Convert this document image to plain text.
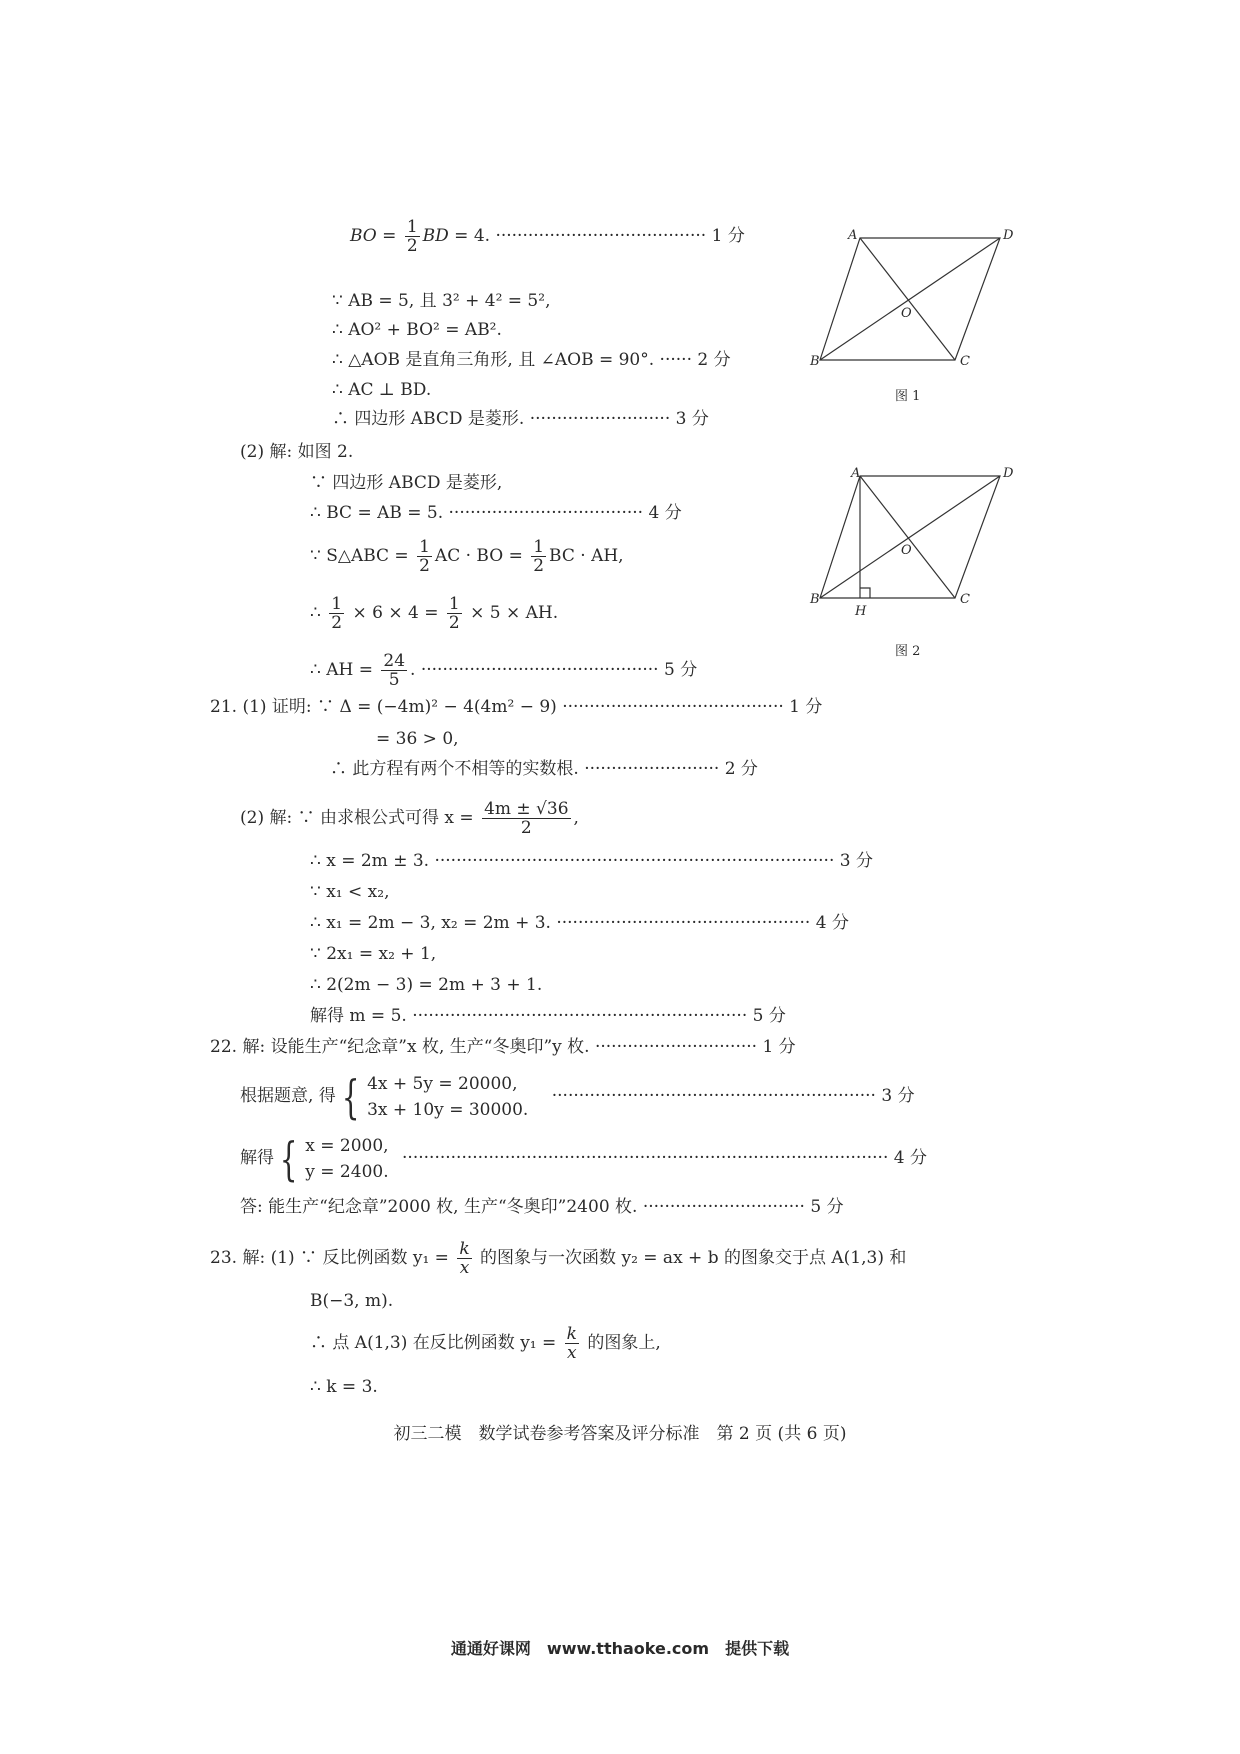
BO = $\frac{1}{2}$ BD = 4. ······································· 1 分
∵ AB = 5, 且 3² + 4² = 5²,
∴ AO² + BO² = AB².
∴ △AOB 是直角三角形, 且 ∠AOB = 90°. ······ 2 分
∴ AC ⊥ BD.
∴ 四边形 ABCD 是菱形. ·························· 3 分
(2) 解: 如图 2.
∵ 四边形 ABCD 是菱形,
∴ BC = AB = 5. ···································· 4 分
∵ S△ABC = $\frac{1}{2}$ AC · BO = $\frac{1}{2}$ BC · AH,
∴ $\frac{1}{2} \times 6 \times 4 = \frac{1}{2} \times 5$ × AH.
∴ AH = $\frac{24}{5}$ . ············································ 5 分
21. (1) 证明: ∵ Δ = (−4m)² − 4(4m² − 9) ········································· 1 分
= 36 > 0,
∴ 此方程有两个不相等的实数根. ························· 2 分
(2) 解: ∵ 由求根公式可得 $x = \frac{4m \pm √36}{2}$ ,
∴ x = 2m ± 3. ·········································································· 3 分
∵ x₁ < x₂,
∴ x₁ = 2m − 3, x₂ = 2m + 3. ··············································· 4 分
∵ 2x₁ = x₂ + 1,
∴ 2(2m − 3) = 2m + 3 + 1.
解得 m = 5. ······························································ 5 分
22. 解: 设能生产“纪念章”x 枚, 生产“冬奥印”y 枚. ······························ 1 分
根据题意, 得 { 4x + 5y = 20000,
3x + 10y = 30000. ···························································· 3 分
解得 { x = 2000,
y = 2400. ·························································································· 4 分
答: 能生产“纪念章”2000 枚, 生产“冬奥印”2400 枚. ······························ 5 分
23. 解: (1) ∵ 反比例函数 $y_1 = \frac{k}{x}$ 的图象与一次函数 y₂ = ax + b 的图象交于点 A(1,3) 和
B(−3, m).
∴ 点 A(1,3) 在反比例函数 $y_1 = \frac{k}{x}$ 的图象上,
∴ k = 3.
A	D
O
B	C
图 1
A	D
O
B
H
C
图 2
初三二模　数学试卷参考答案及评分标准　第 2 页 (共 6 页)
通通好课网　www.tthaoke.com　提供下载
